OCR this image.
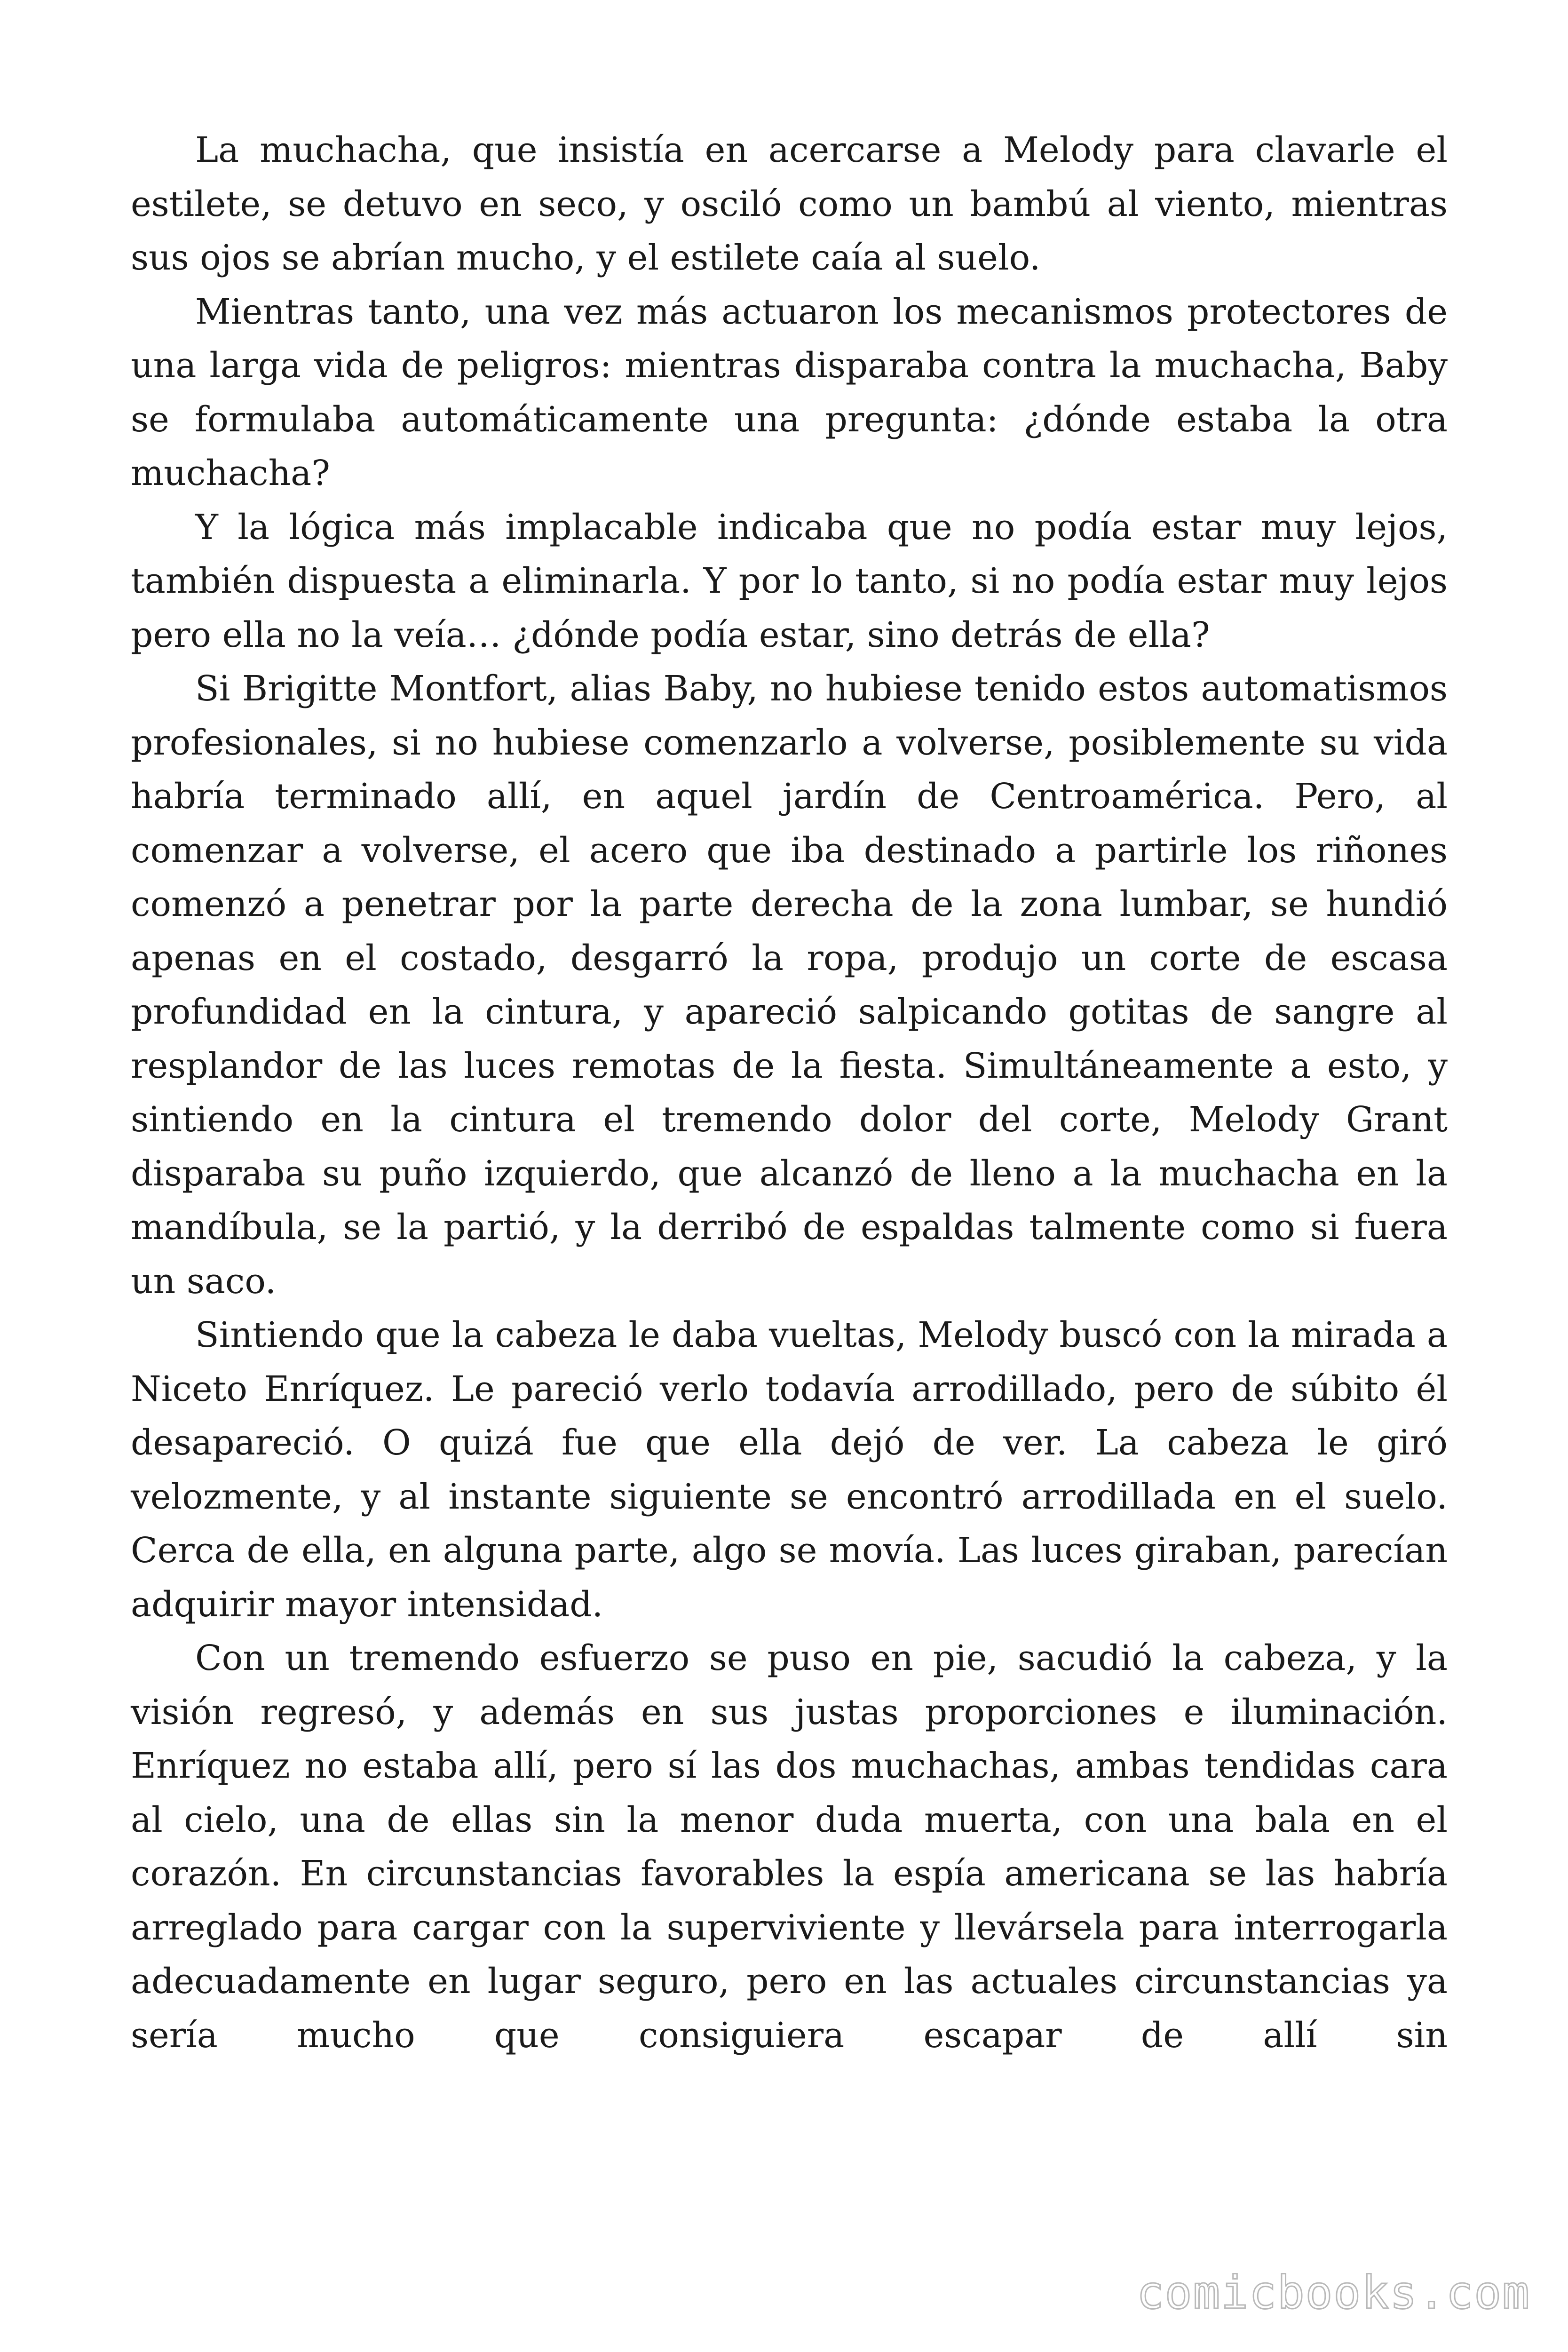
La muchacha, que insistía en acercarse a Melody para clavarle el estilete, se detuvo en seco, y osciló como un bambú al viento, mientras sus ojos se abrían mucho, y el estilete caía al suelo.

Mientras tanto, una vez más actuaron los mecanismos protectores de una larga vida de peligros: mientras disparaba contra la muchacha, Baby se formulaba automáticamente una pregunta: ¿dónde estaba la otra muchacha?

Y la lógica más implacable indicaba que no podía estar muy lejos, también dispuesta a eliminarla. Y por lo tanto, si no podía estar muy lejos pero ella no la veía… ¿dónde podía estar, sino detrás de ella?

Si Brigitte Montfort, alias Baby, no hubiese tenido estos automatismos profesionales, si no hubiese comenzarlo a volverse, posiblemente su vida habría terminado allí, en aquel jardín de Centroamérica. Pero, al comenzar a volverse, el acero que iba destinado a partirle los riñones comenzó a penetrar por la parte derecha de la zona lumbar, se hundió apenas en el costado, desgarró la ropa, produjo un corte de escasa profundidad en la cintura, y apareció salpicando gotitas de sangre al resplandor de las luces remotas de la fiesta. Simultáneamente a esto, y sintiendo en la cintura el tremendo dolor del corte, Melody Grant disparaba su puño izquierdo, que alcanzó de lleno a la muchacha en la mandíbula, se la partió, y la derribó de espaldas talmente como si fuera un saco.

Sintiendo que la cabeza le daba vueltas, Melody buscó con la mirada a Niceto Enríquez. Le pareció verlo todavía arrodillado, pero de súbito él desapareció. O quizá fue que ella dejó de ver. La cabeza le giró velozmente, y al instante siguiente se encontró arrodillada en el suelo. Cerca de ella, en alguna parte, algo se movía. Las luces giraban, parecían adquirir mayor intensidad.

Con un tremendo esfuerzo se puso en pie, sacudió la cabeza, y la visión regresó, y además en sus justas proporciones e iluminación. Enríquez no estaba allí, pero sí las dos muchachas, ambas tendidas cara al cielo, una de ellas sin la menor duda muerta, con una bala en el corazón. En circunstancias favorables la espía americana se las habría arreglado para cargar con la superviviente y llevársela para interrogarla adecuadamente en lugar seguro, pero en las actuales circunstancias ya sería mucho que consiguiera escapar de allí sin

comicbooks.com
